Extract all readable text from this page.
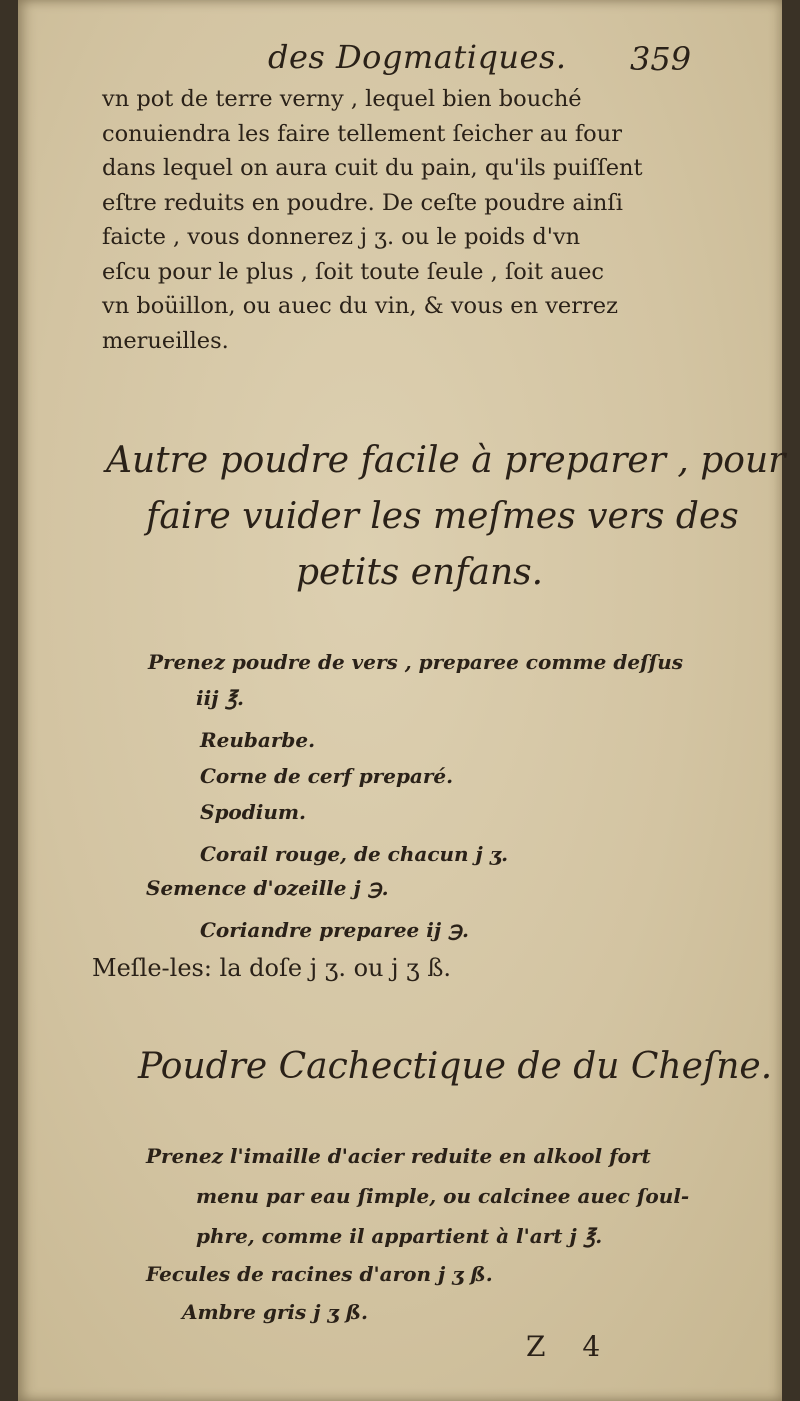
des Dogmatiques. 359
vn pot de terre verny , lequel bien bouché
conuiendra les faire tellement ſeicher au four
dans lequel on aura cuit du pain, qu'ils puiſſent
eſtre reduits en poudre. De ceſte poudre ainſi
faicte , vous donnerez j ʒ. ou le poids d'vn
eſcu pour le plus , ſoit toute ſeule , ſoit auec
vn boüillon, ou auec du vin, & vous en verrez
merueilles.
Autre poudre facile à preparer , pour
faire vuider les meſmes vers des
petits enfans.
Prenez poudre de vers , preparee comme deſſus
iij ℥.
Reubarbe.
Corne de cerf preparé.
Spodium.
Corail rouge, de chacun j ʒ.
Semence d'ozeille j ℈.
Coriandre preparee ij ℈.
Meſle-les: la doſe j ʒ. ou j ʒ ß.
Poudre Cachectique de du Cheſne.
Prenez l'imaille d'acier reduite en alkool fort
menu par eau ſimple, ou calcinee auec ſoul-
phre, comme il appartient à l'art j ℥.
Fecules de racines d'aron j ʒ ß.
Ambre gris j ʒ ß.
Z 4
